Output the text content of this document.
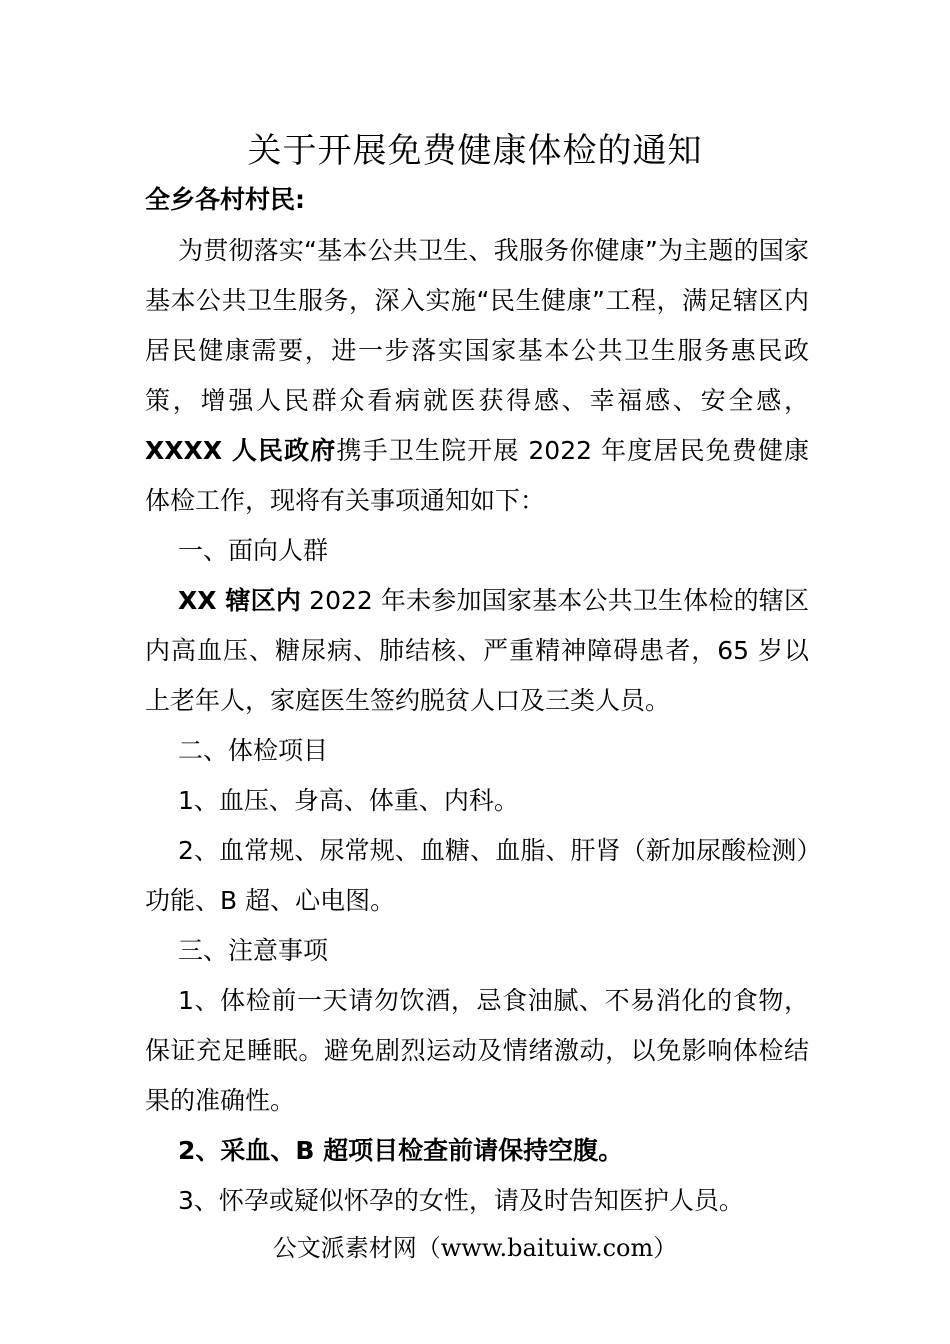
关于开展免费健康体检的通知
全乡各村村民:

为贯彻落实“基本公共卫生、我服务你健康”为主题的国家基本公共卫生服务，深入实施“民生健康”工程，满足辖区内居民健康需要，进一步落实国家基本公共卫生服务惠民政策，增强人民群众看病就医获得感、幸福感、安全感，XXXX 人民政府携手卫生院开展 2022 年度居民免费健康体检工作，现将有关事项通知如下：

一、面向人群

XX 辖区内 2022 年未参加国家基本公共卫生体检的辖区内高血压、糖尿病、肺结核、严重精神障碍患者，65 岁以上老年人，家庭医生签约脱贫人口及三类人员。

二、体检项目

1、血压、身高、体重、内科。

2、血常规、尿常规、血糖、血脂、肝肾（新加尿酸检测）功能、B 超、心电图。

三、注意事项

1、体检前一天请勿饮酒，忌食油腻、不易消化的食物，保证充足睡眠。避免剧烈运动及情绪激动，以免影响体检结果的准确性。

2、采血、B 超项目检查前请保持空腹。

3、怀孕或疑似怀孕的女性，请及时告知医护人员。

公文派素材网（www.baituiw.com）
